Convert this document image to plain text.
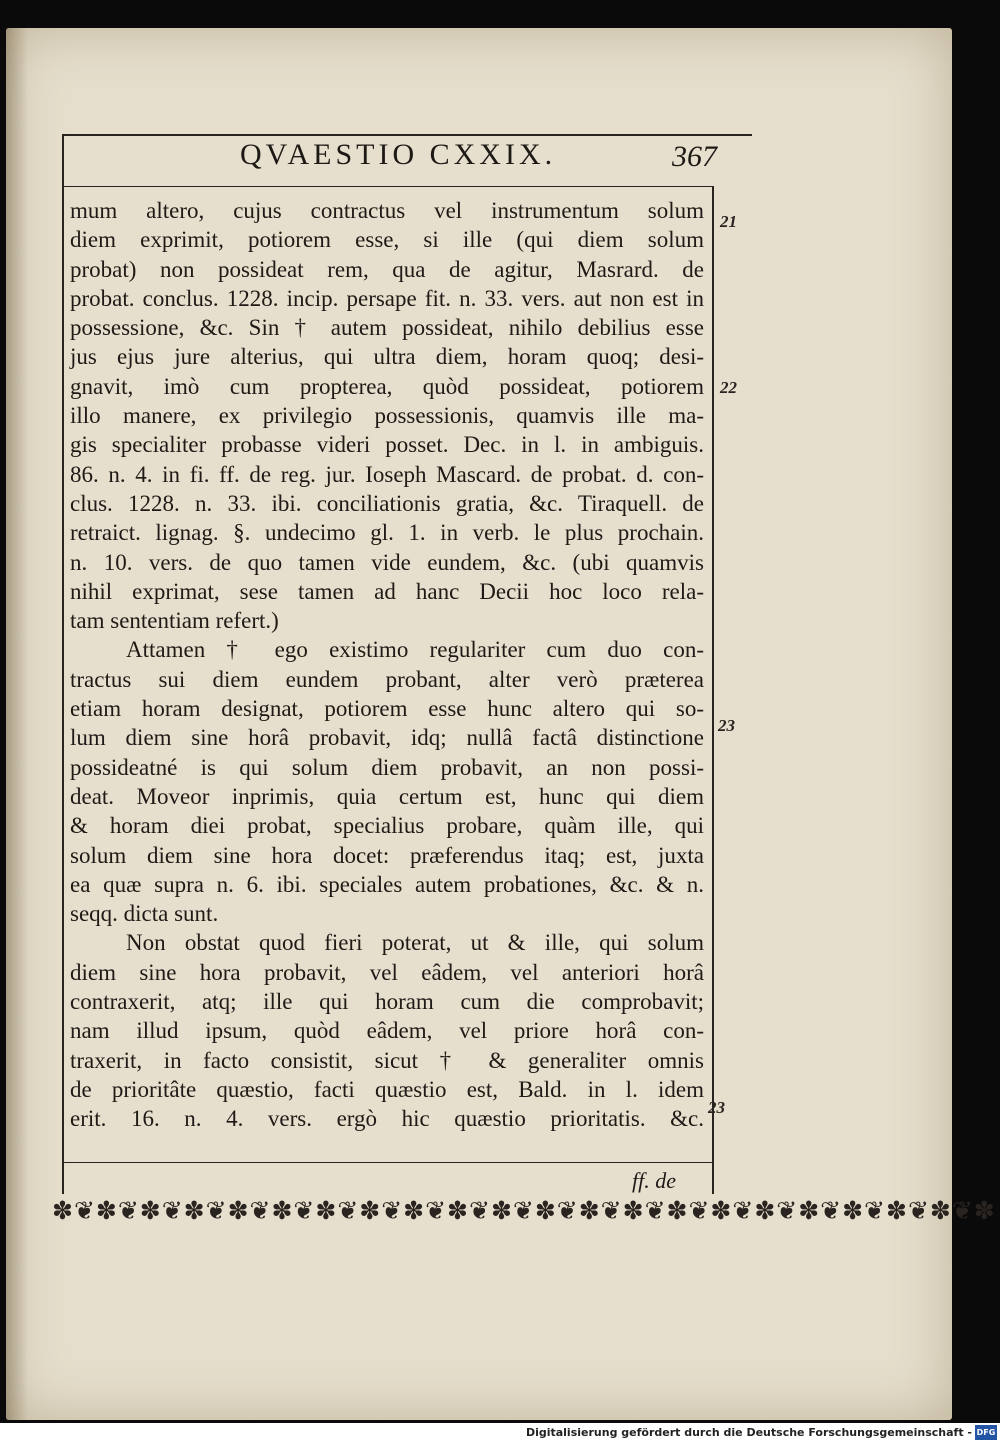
QVAESTIO CXXIX.	367
mum altero, cujus contractus vel instrumentum solum
diem exprimit, potiorem esse, si ille (qui diem solum
probat) non possideat rem, qua de agitur, Masrard. de
probat. conclus. 1228. incip. persape fit. n. 33. vers. aut non est in
possessione, &c. Sin † autem possideat, nihilo debilius esse
jus ejus jure alterius, qui ultra diem, horam quoq; desi-
gnavit, imò cum propterea, quòd possideat, potiorem
illo manere, ex privilegio possessionis, quamvis ille ma-
gis specialiter probasse videri posset. Dec. in l. in ambiguis.
86. n. 4. in fi. ff. de reg. jur. Ioseph Mascard. de probat. d. con-
clus. 1228. n. 33. ibi. conciliationis gratia, &c. Tiraquell. de
retraict. lignag. §. undecimo gl. 1. in verb. le plus prochain.
n. 10. vers. de quo tamen vide eundem, &c. (ubi quamvis
nihil exprimat, sese tamen ad hanc Decii hoc loco rela-
tam sententiam refert.)
Attamen † ego existimo regulariter cum duo con-
tractus sui diem eundem probant, alter verò præterea
etiam horam designat, potiorem esse hunc altero qui so-
lum diem sine horâ probavit, idq; nullâ factâ distinctione
possideatné is qui solum diem probavit, an non possi-
deat. Moveor inprimis, quia certum est, hunc qui diem
& horam diei probat, specialius probare, quàm ille, qui
solum diem sine hora docet: præferendus itaq; est, juxta
ea quæ supra n. 6. ibi. speciales autem probationes, &c. & n.
seqq. dicta sunt.
Non obstat quod fieri poterat, ut & ille, qui solum
diem sine hora probavit, vel eâdem, vel anteriori horâ
contraxerit, atq; ille qui horam cum die comprobavit;
nam illud ipsum, quòd eâdem, vel priore horâ con-
traxerit, in facto consistit, sicut † & generaliter omnis
de prioritâte quæstio, facti quæstio est, Bald. in l. idem
erit. 16. n. 4. vers. ergò hic quæstio prioritatis. &c.
21
22
23
23
ff. de
✽❦✽❦✽❦✽❦✽❦✽❦✽❦✽❦✽❦✽❦✽❦✽❦✽❦✽❦✽❦✽❦✽❦✽❦✽❦✽❦✽❦✽
Digitalisierung gefördert durch die Deutsche Forschungsgemeinschaft - DFG
